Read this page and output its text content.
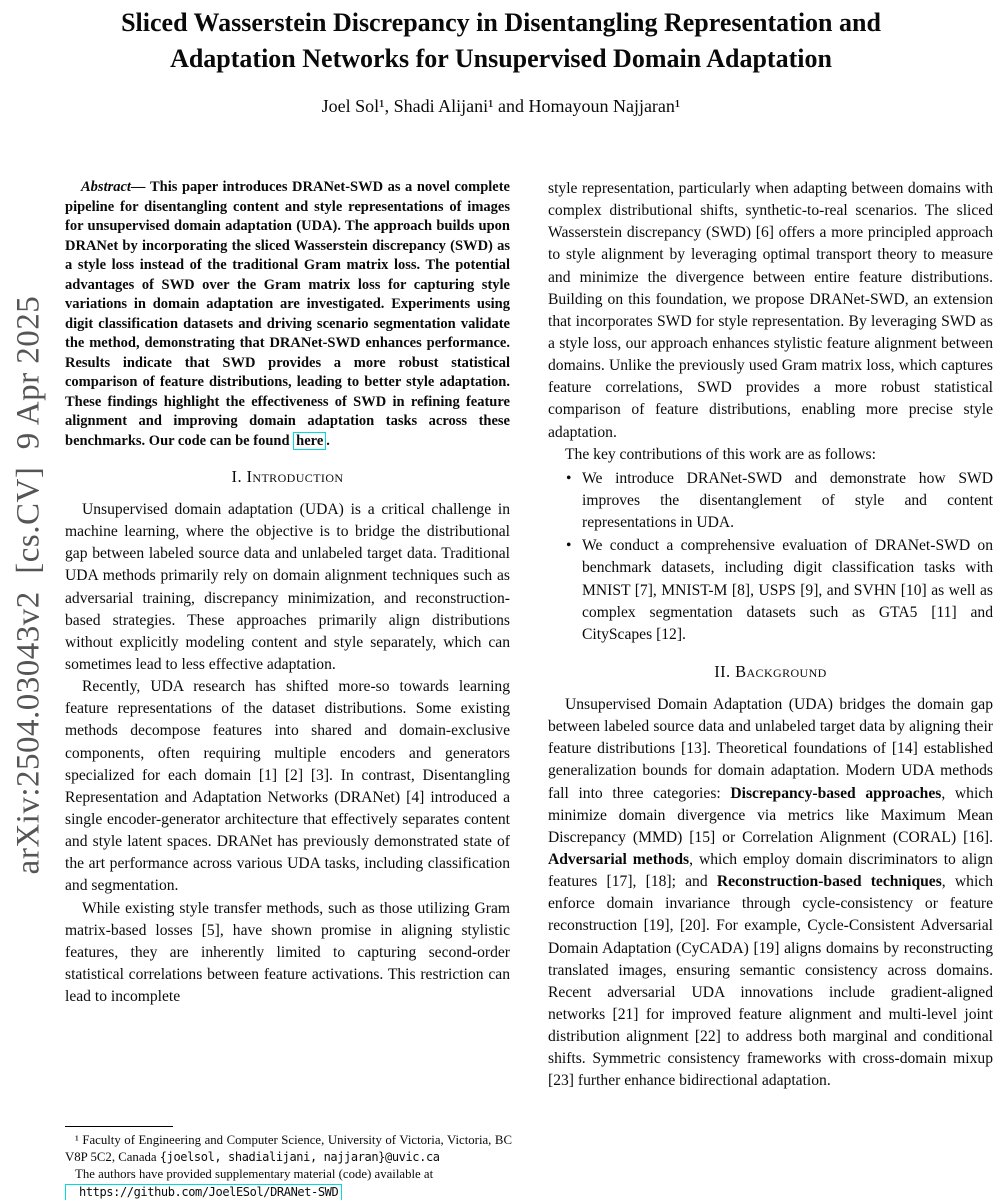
arXiv:2504.03043v2  [cs.CV]  9 Apr 2025
Sliced Wasserstein Discrepancy in Disentangling Representation and Adaptation Networks for Unsupervised Domain Adaptation
Joel Sol¹, Shadi Alijani¹ and Homayoun Najjaran¹

Abstract— This paper introduces DRANet-SWD as a novel complete pipeline for disentangling content and style representations of images for unsupervised domain adaptation (UDA). The approach builds upon DRANet by incorporating the sliced Wasserstein discrepancy (SWD) as a style loss instead of the traditional Gram matrix loss. The potential advantages of SWD over the Gram matrix loss for capturing style variations in domain adaptation are investigated. Experiments using digit classification datasets and driving scenario segmentation validate the method, demonstrating that DRANet-SWD enhances performance. Results indicate that SWD provides a more robust statistical comparison of feature distributions, leading to better style adaptation. These findings highlight the effectiveness of SWD in refining feature alignment and improving domain adaptation tasks across these benchmarks. Our code can be found here .

I. Introduction

Unsupervised domain adaptation (UDA) is a critical challenge in machine learning, where the objective is to bridge the distributional gap between labeled source data and unlabeled target data. Traditional UDA methods primarily rely on domain alignment techniques such as adversarial training, discrepancy minimization, and reconstruction-based strategies. These approaches primarily align distributions without explicitly modeling content and style separately, which can sometimes lead to less effective adaptation.

Recently, UDA research has shifted more-so towards learning feature representations of the dataset distributions. Some existing methods decompose features into shared and domain-exclusive components, often requiring multiple encoders and generators specialized for each domain [1] [2] [3]. In contrast, Disentangling Representation and Adaptation Networks (DRANet) [4] introduced a single encoder-generator architecture that effectively separates content and style latent spaces. DRANet has previously demonstrated state of the art performance across various UDA tasks, including classification and segmentation.

While existing style transfer methods, such as those utilizing Gram matrix-based losses [5], have shown promise in aligning stylistic features, they are inherently limited to capturing second-order statistical correlations between feature activations. This restriction can lead to incomplete

style representation, particularly when adapting between domains with complex distributional shifts, synthetic-to-real scenarios. The sliced Wasserstein discrepancy (SWD) [6] offers a more principled approach to style alignment by leveraging optimal transport theory to measure and minimize the divergence between entire feature distributions. Building on this foundation, we propose DRANet-SWD, an extension that incorporates SWD for style representation. By leveraging SWD as a style loss, our approach enhances stylistic feature alignment between domains. Unlike the previously used Gram matrix loss, which captures feature correlations, SWD provides a more robust statistical comparison of feature distributions, enabling more precise style adaptation.

The key contributions of this work are as follows:

• We introduce DRANet-SWD and demonstrate how SWD improves the disentanglement of style and content representations in UDA.
• We conduct a comprehensive evaluation of DRANet-SWD on benchmark datasets, including digit classification tasks with MNIST [7], MNIST-M [8], USPS [9], and SVHN [10] as well as complex segmentation datasets such as GTA5 [11] and CityScapes [12].
II. Background

Unsupervised Domain Adaptation (UDA) bridges the domain gap between labeled source data and unlabeled target data by aligning their feature distributions [13]. Theoretical foundations of [14] established generalization bounds for domain adaptation. Modern UDA methods fall into three categories: Discrepancy-based approaches, which minimize domain divergence via metrics like Maximum Mean Discrepancy (MMD) [15] or Correlation Alignment (CORAL) [16]. Adversarial methods, which employ domain discriminators to align features [17], [18]; and Reconstruction-based techniques, which enforce domain invariance through cycle-consistency or feature reconstruction [19], [20]. For example, Cycle-Consistent Adversarial Domain Adaptation (CyCADA) [19] aligns domains by reconstructing translated images, ensuring semantic consistency across domains. Recent adversarial UDA innovations include gradient-aligned networks [21] for improved feature alignment and multi-level joint distribution alignment [22] to address both marginal and conditional shifts. Symmetric consistency frameworks with cross-domain mixup [23] further enhance bidirectional adaptation.

¹ Faculty of Engineering and Computer Science, University of Victoria, Victoria, BC V8P 5C2, Canada {joelsol, shadialijani, najjaran}@uvic.ca

The authors have provided supplementary material (code) available at
https://github.com/JoelESol/DRANet-SWD
